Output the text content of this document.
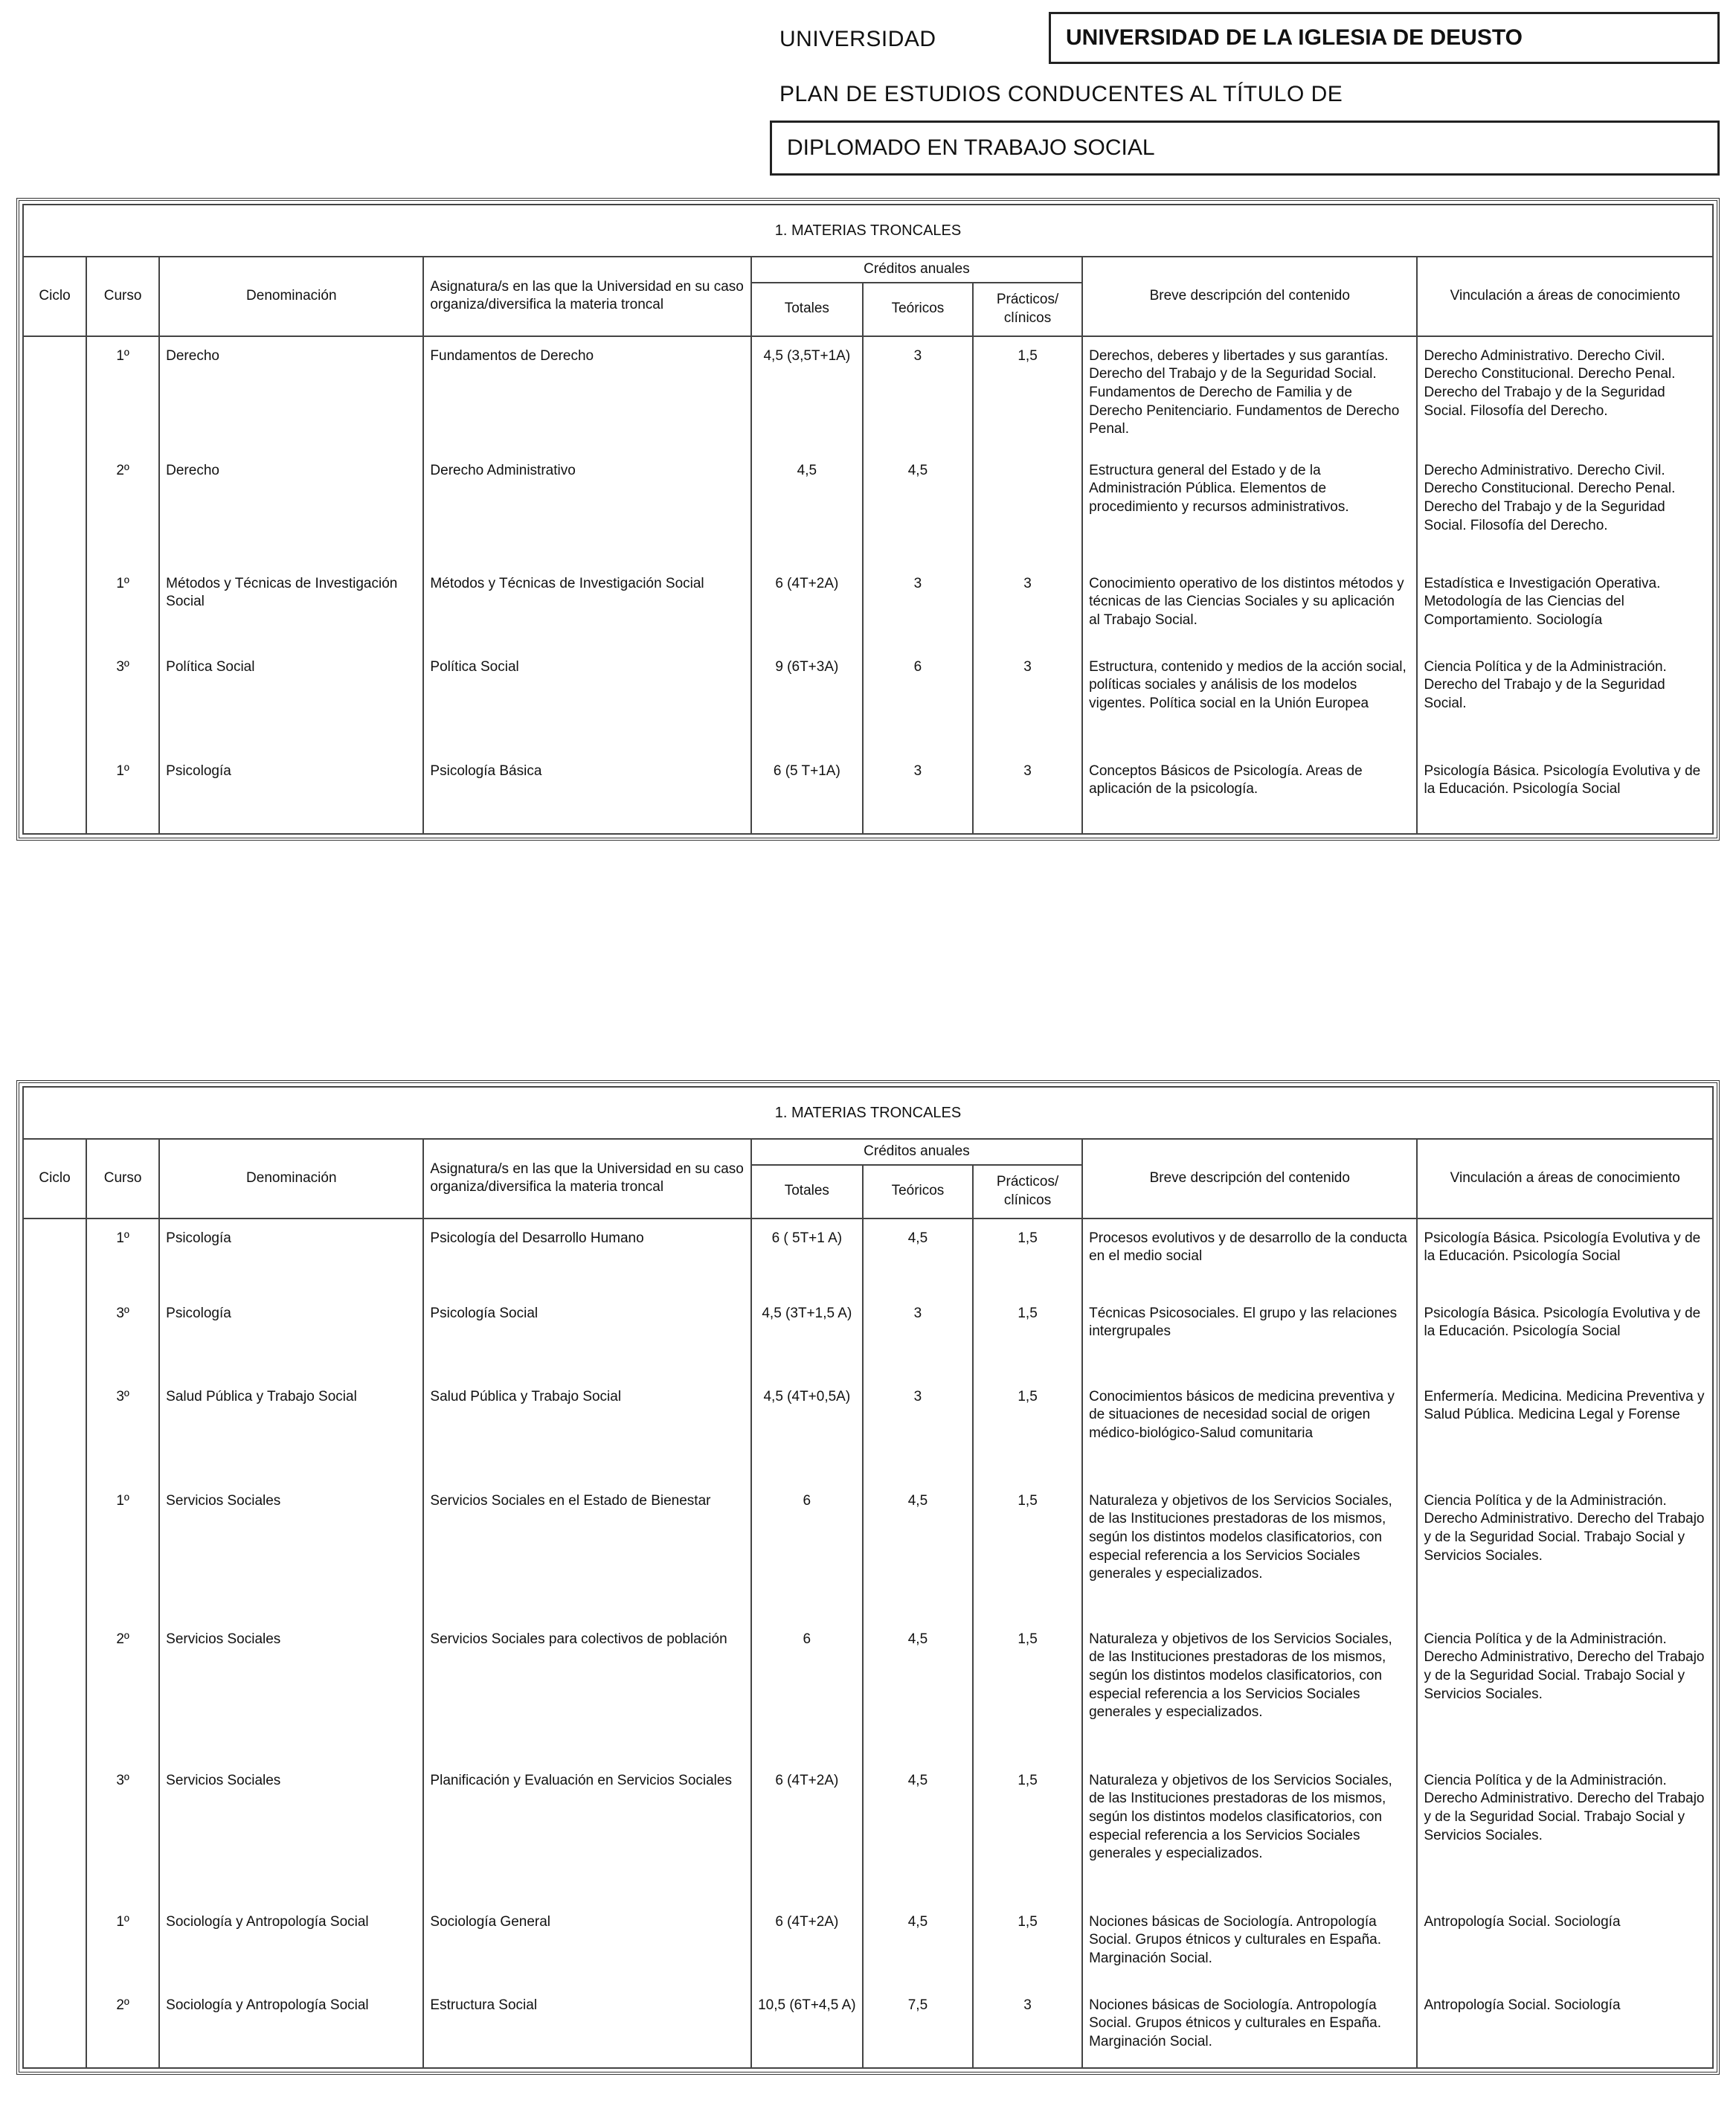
UNIVERSIDAD	UNIVERSIDAD DE LA IGLESIA DE DEUSTO
PLAN DE ESTUDIOS CONDUCENTES AL TÍTULO DE
DIPLOMADO EN TRABAJO SOCIAL
1. MATERIAS TRONCALES								
Ciclo	Curso	Denominación	Asignatura/s en las que la Universidad en su caso organiza/diversifica la materia troncal	Créditos anuales			Breve descripción del contenido	Vinculación a áreas de conocimiento
				Totales	Teóricos	Prácticos/ clínicos		
	1º	Derecho	Fundamentos de Derecho	4,5 (3,5T+1A)	3	1,5	Derechos, deberes y libertades y sus garantías. Derecho del Trabajo y de la Seguridad Social. Fundamentos de Derecho de Familia y de Derecho Penitenciario. Fundamentos de Derecho Penal.	Derecho Administrativo. Derecho Civil. Derecho Constitucional. Derecho Penal. Derecho del Trabajo y de la Seguridad Social. Filosofía del Derecho.
	2º	Derecho	Derecho Administrativo	4,5	4,5		Estructura general del Estado y de la Administración Pública. Elementos de procedimiento y recursos administrativos.	Derecho Administrativo. Derecho Civil. Derecho Constitucional. Derecho Penal. Derecho del Trabajo y de la Seguridad Social. Filosofía del Derecho.
	1º	Métodos y Técnicas de Investigación Social	Métodos y Técnicas de Investigación Social	6 (4T+2A)	3	3	Conocimiento operativo de los distintos métodos y técnicas de las Ciencias Sociales y su aplicación al Trabajo Social.	Estadística e Investigación Operativa. Metodología de las Ciencias del Comportamiento. Sociología
	3º	Política Social	Política Social	9 (6T+3A)	6	3	Estructura, contenido y medios de la acción social, políticas sociales y análisis de los modelos vigentes. Política social en la Unión Europea	Ciencia Política y de la Administración. Derecho del Trabajo y de la Seguridad Social.
	1º	Psicología	Psicología Básica	6 (5 T+1A)	3	3	Conceptos Básicos de Psicología. Areas de aplicación de la psicología.	Psicología Básica. Psicología Evolutiva y de la Educación. Psicología Social
1. MATERIAS TRONCALES								
Ciclo	Curso	Denominación	Asignatura/s en las que la Universidad en su caso organiza/diversifica la materia troncal	Créditos anuales			Breve descripción del contenido	Vinculación a áreas de conocimiento
				Totales	Teóricos	Prácticos/ clínicos		
	1º	Psicología	Psicología del Desarrollo Humano	6 ( 5T+1 A)	4,5	1,5	Procesos evolutivos y de desarrollo de la conducta en el medio social	Psicología Básica. Psicología Evolutiva y de la Educación. Psicología Social
	3º	Psicología	Psicología Social	4,5 (3T+1,5 A)	3	1,5	Técnicas Psicosociales. El grupo y las relaciones intergrupales	Psicología Básica. Psicología Evolutiva y de la Educación. Psicología Social
	3º	Salud Pública y Trabajo Social	Salud Pública y Trabajo Social	4,5 (4T+0,5A)	3	1,5	Conocimientos básicos de medicina preventiva y de situaciones de necesidad social de origen médico-biológico-Salud comunitaria	Enfermería. Medicina. Medicina Preventiva y Salud Pública. Medicina Legal y Forense
	1º	Servicios Sociales	Servicios Sociales en el Estado de Bienestar	6	4,5	1,5	Naturaleza y objetivos de los Servicios Sociales, de las Instituciones prestadoras de los mismos, según los distintos modelos clasificatorios, con especial referencia a los Servicios Sociales generales y especializados.	Ciencia Política y de la Administración. Derecho Administrativo. Derecho del Trabajo y de la Seguridad Social. Trabajo Social y Servicios Sociales.
	2º	Servicios Sociales	Servicios Sociales para colectivos de población	6	4,5	1,5	Naturaleza y objetivos de los Servicios Sociales, de las Instituciones prestadoras de los mismos, según los distintos modelos clasificatorios, con especial referencia a los Servicios Sociales generales y especializados.	Ciencia Política y de la Administración. Derecho Administrativo, Derecho del Trabajo y de la Seguridad Social. Trabajo Social y Servicios Sociales.
	3º	Servicios Sociales	Planificación y Evaluación en Servicios Sociales	6 (4T+2A)	4,5	1,5	Naturaleza y objetivos de los Servicios Sociales, de las Instituciones prestadoras de los mismos, según los distintos modelos clasificatorios, con especial referencia a los Servicios Sociales generales y especializados.	Ciencia Política y de la Administración. Derecho Administrativo. Derecho del Trabajo y de la Seguridad Social. Trabajo Social y Servicios Sociales.
	1º	Sociología y Antropología Social	Sociología General	6 (4T+2A)	4,5	1,5	Nociones básicas de Sociología. Antropología Social. Grupos étnicos y culturales en España. Marginación Social.	Antropología Social. Sociología
	2º	Sociología y Antropología Social	Estructura Social	10,5 (6T+4,5 A)	7,5	3	Nociones básicas de Sociología. Antropología Social. Grupos étnicos y culturales en España. Marginación Social.	Antropología Social. Sociología
